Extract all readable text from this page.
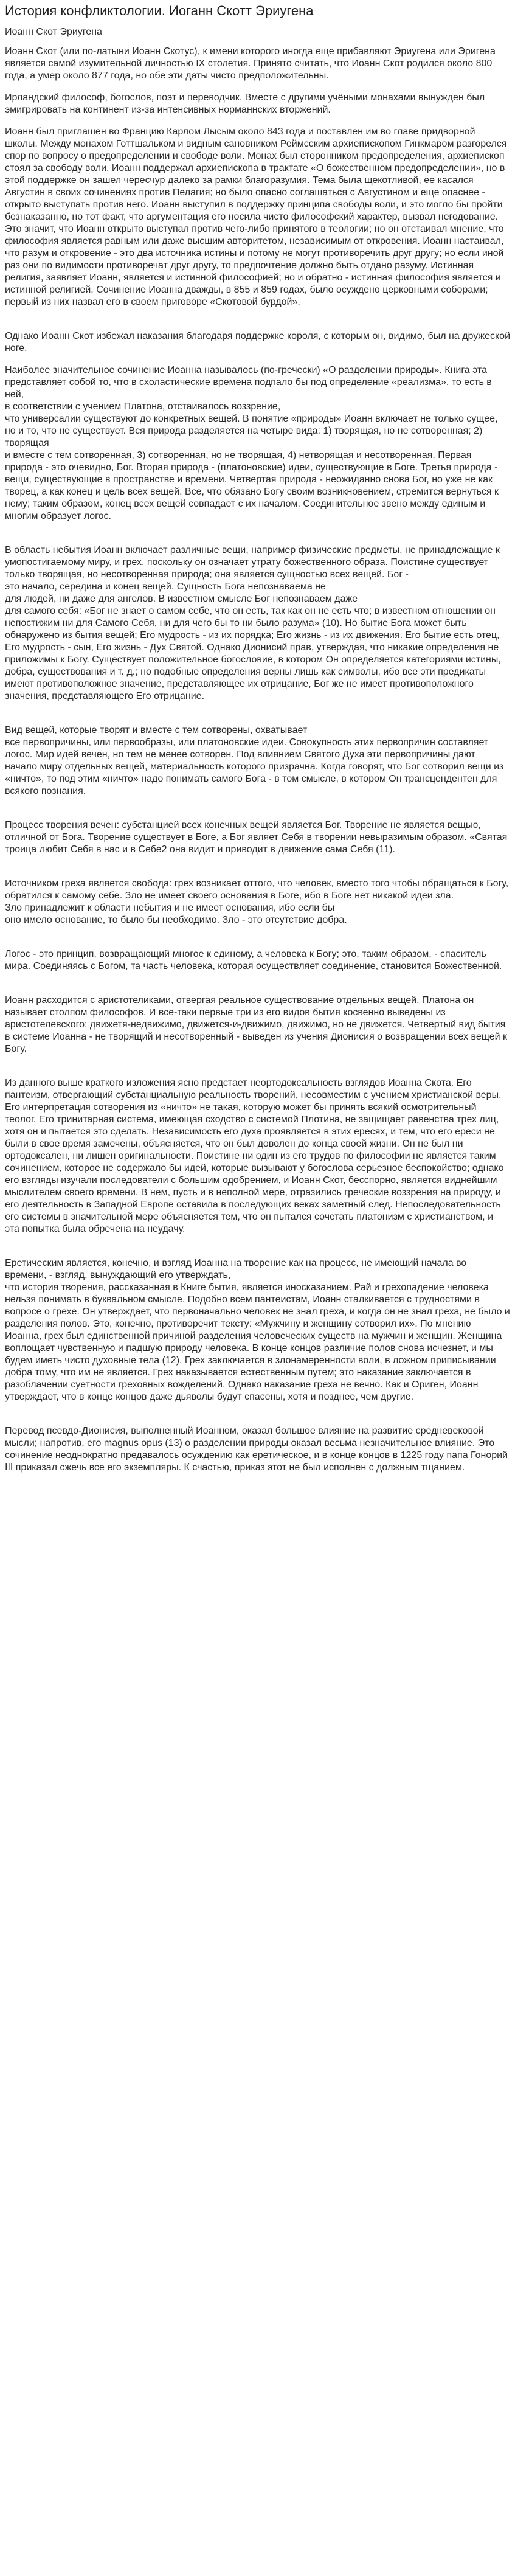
История конфликтологии. Иоганн Скотт Эриугена
Иоанн Скот Эриугена

Иоанн Скот (или по-латыни Иоанн Скотус), к имени которого иногда еще прибавляют Эриугена или Эригена является самой изумительной личностью IX столетия. Принято считать, что Иоанн Скот родился около 800 года, а умер около 877 года, но обе эти даты чисто предположительны.

Ирландский философ, богослов, поэт и переводчик. Вместе с другими учёными монахами вынужден был эмигрировать на континент из-за интенсивных норманнских вторжений.

Иоанн был приглашен во Францию Карлом Лысым около 843 года и поставлен им во главе придворной школы. Между монахом Готтшальком и видным сановником Реймсским архиепископом Гинкмаром разгорелся спор по вопросу о предопределении и свободе воли. Монах был сторонником предопределения, архиепископ стоял за свободу воли. Иоанн поддержал архиепископа в трактате «О божественном предопределении», но в этой поддержке он зашел чересчур далеко за рамки благоразумия. Тема была щекотливой, ее касался Августин в своих сочинениях против Пелагия; но было опасно соглашаться с Августином и еще опаснее - открыто выступать против него. Иоанн выступил в поддержку принципа свободы воли, и это могло бы пройти безнаказанно, но тот факт, что аргументация его носила чисто философский характер, вызвал негодование. Это значит, что Иоанн открыто выступал против чего-либо принятого в теологии; но он отстаивал мнение, что философия является равным или даже высшим авторитетом, независимым от откровения. Иоанн настаивал, что разум и откровение - это два источника истины и потому не могут противоречить друг другу; но если иной раз они по видимости противоречат друг другу, то предпочтение должно быть отдано разуму. Истинная религия, заявляет Иоанн, является и истинной философией; но и обратно - истинная философия является и истинной религией. Сочинение Иоанна дважды, в 855 и 859 годах, было осуждено церковными соборами; первый из них назвал его в своем приговоре «Скотовой бурдой».

Однако Иоанн Скот избежал наказания благодаря поддержке короля, с которым он, видимо, был на дружеской ноге.

Наиболее значительное сочинение Иоанна называлось (по-гречески) «О разделении природы». Книга эта представляет собой то, что в схоластические времена подпало бы под определение «реализма», то есть в ней,
в соответствии с учением Платона, отстаивалось воззрение,
что универсалии существуют до конкретных вещей. В понятие «природы» Иоанн включает не только сущее, но и то, что не существует. Вся природа разделяется на четыре вида: 1) творящая, но не сотворенная; 2) творящая
и вместе с тем сотворенная, 3) сотворенная, но не творящая, 4) нетворящая и несотворенная. Первая природа - это очевидно, Бог. Вторая природа - (платоновские) идеи, существующие в Боге. Третья природа - вещи, существующие в пространстве и времени. Четвертая природа - неожиданно снова Бог, но уже не как творец, а как конец и цель всех вещей. Все, что обязано Богу своим возникновением, стремится вернуться к нему; таким образом, конец всех вещей совпадает с их началом. Соединительное звено между единым и многим образует логос.

В область небытия Иоанн включает различные вещи, например физические предметы, не принадлежащие к умопостигаемому миру, и грех, поскольку он означает утрату божественного образа. Поистине существует только творящая, но несотворенная природа; она является сущностью всех вещей. Бог -
это начало, середина и конец вещей. Сущность Бога непознаваема не
для людей, ни даже для ангелов. В известном смысле Бог непознаваем даже
для самого себя: «Бог не знает о самом себе, что он есть, так как он не есть что; в известном отношении он непостижим ни для Самого Себя, ни для чего бы то ни было разума» (10). Но бытие Бога может быть обнаружено из бытия вещей; Его мудрость - из их порядка; Его жизнь - из их движения. Его бытие есть отец, Его мудрость - сын, Его жизнь - Дух Святой. Однако Дионисий прав, утверждая, что никакие определения не приложимы к Богу. Существует положительное богословие, в котором Он определяется категориями истины, добра, существования и т. д.; но подобные определения верны лишь как символы, ибо все эти предикаты имеют противоположное значение, представляющее их отрицание, Бог же не имеет противоположного значения, представляющего Его отрицание.

Вид вещей, которые творят и вместе с тем сотворены, охватывает
все первопричины, или первообразы, или платоновские идеи. Совокупность этих первопричин составляет логос. Мир идей вечен, но тем не менее сотворен. Под влиянием Святого Духа эти первопричины дают начало миру отдельных вещей, материальность которого призрачна. Когда говорят, что Бог сотворил вещи из «ничто», то под этим «ничто» надо понимать самого Бога - в том смысле, в котором Он трансцендентен для всякого познания.

Процесс творения вечен: субстанцией всех конечных вещей является Бог. Творение не является вещью, отличной от Бога. Творение существует в Боге, а Бог являет Себя в творении невыразимым образом. «Святая троица любит Себя в нас и в Себе2 она видит и приводит в движение сама Себя (11).

Источником греха является свобода: грех возникает оттого, что человек, вместо того чтобы обращаться к Богу, обратился к самому себе. Зло не имеет своего основания в Боге, ибо в Боге нет никакой идеи зла.
Зло принадлежит к области небытия и не имеет основания, ибо если бы
оно имело основание, то было бы необходимо. Зло - это отсутствие добра.

Логос - это принцип, возвращающий многое к единому, а человека к Богу; это, таким образом, - спаситель мира. Соединяясь с Богом, та часть человека, которая осуществляет соединение, становится Божественной.

Иоанн расходится с аристотеликами, отвергая реальное существование отдельных вещей. Платона он называет столпом философов. И все-таки первые три из его видов бытия косвенно выведены из аристотелевского: движетя-недвижимо, движется-и-движимо, движимо, но не движется. Четвертый вид бытия в системе Иоанна - не творящий и несотворенный - выведен из учения Дионисия о возвращении всех вещей к Богу.

Из данного выше краткого изложения ясно предстает неортодоксальность взглядов Иоанна Скота. Его пантеизм, отвергающий субстанциальную реальность творений, несовместим с учением христианской веры. Его интерпретация сотворения из «ничто» не такая, которую может бы принять всякий осмотрительный теолог. Его тринитарная система, имеющая сходство с системой Плотина, не защищает равенства трех лиц, хотя он и пытается это сделать. Независимость его духа проявляется в этих ересях, и тем, что его ереси не были в свое время замечены, объясняется, что он был доволен до конца своей жизни. Он не был ни ортодоксален, ни лишен оригинальности. Поистине ни один из его трудов по философии не является таким сочинением, которое не содержало бы идей, которые вызывают у богослова серьезное беспокойство; однако его взгляды изучали последователи с большим одобрением, и Иоанн Скот, бесспорно, является виднейшим мыслителем своего времени. В нем, пусть и в неполной мере, отразились греческие воззрения на природу, и его деятельность в Западной Европе оставила в последующих веках заметный след. Непоследовательность его системы в значительной мере объясняется тем, что он пытался сочетать платонизм с христианством, и эта попытка была обречена на неудачу.

Еретическим является, конечно, и взгляд Иоанна на творение как на процесс, не имеющий начала во времени, - взгляд, вынуждающий его утверждать,
что история творения, рассказанная в Книге бытия, является иносказанием. Рай и грехопадение человека нельзя понимать в буквальном смысле. Подобно всем пантеистам, Иоанн сталкивается с трудностями в вопросе о грехе. Он утверждает, что первоначально человек не знал греха, и когда он не знал греха, не было и разделения полов. Это, конечно, противоречит тексту: «Мужчину и женщину сотворил их». По мнению Иоанна, грех был единственной причиной разделения человеческих существ на мужчин и женщин. Женщина воплощает чувственную и падшую природу человека. В конце концов различие полов снова исчезнет, и мы будем иметь чисто духовные тела (12). Грех заключается в злонамеренности воли, в ложном приписывании добра тому, что им не является. Грех наказывается естественным путем; это наказание заключается в разоблачении суетности греховных вожделений. Однако наказание греха не вечно. Как и Ориген, Иоанн утверждает, что в конце концов даже дьяволы будут спасены, хотя и позднее, чем другие.

Перевод псевдо-Дионисия, выполненный Иоанном, оказал большое влияние на развитие средневековой мысли; напротив, его magnus opus (13) о разделении природы оказал весьма незначительное влияние. Это сочинение неоднократно предавалось осуждению как еретическое, и в конце концов в 1225 году папа Гонорий III приказал сжечь все его экземпляры. К счастью, приказ этот не был исполнен с должным тщанием.
